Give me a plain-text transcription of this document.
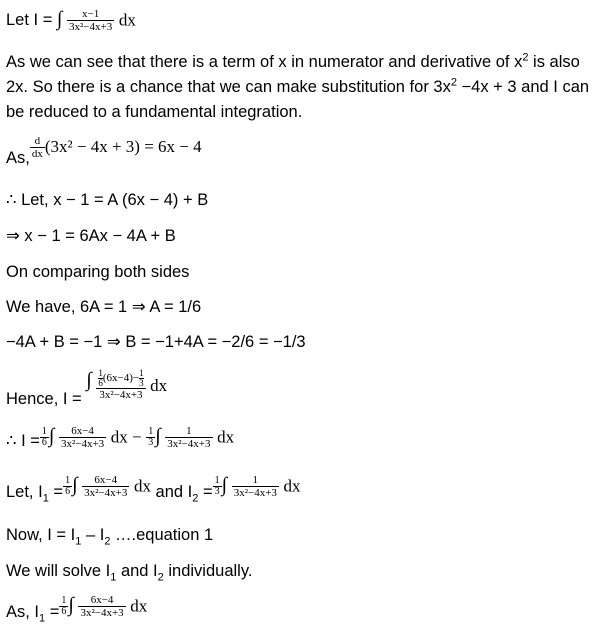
Let I = ∫ $\frac{x-1}{\text{3x²−4x+3}}$ dx
As we can see that there is a term of x in numerator and derivative of $x^2$ is also 2x. So there is a chance that we can make substitution for $3x^2 -4x + 3$ and I can be reduced to a fundamental integration.
As, $\frac{d}{dx} (3x^2 - 4x + 3) = 6x - 4$
∴ Let, x − 1 = A (6x − 4) + B
⇒ x − 1 = 6Ax − 4A + B
On comparing both sides
We have, 6A = 1 ⇒ A = 1/6
−4A + B = −1 ⇒ B = −1+4A = −2/6 = −1/3
Hence, I = ∫ $\frac{\frac{1}{6} (6x-4)- \frac{1}{3}}{\text{3x²−4x+3}}$ dx
∴ $I = \frac{1}{6}$ ∫ $\frac{6x-4}{\text{3x²−4x+3}}$ dx − $\frac{1}{3}$ ∫ $\frac{1}{\text{3x²−4x+3}}$ dx
Let, $I_1 = \frac{1}{6}$ ∫ $\frac{6x-4}{\text{3x²−4x+3}}$ dx and $I_2 = \frac{1}{3}$ ∫ $\frac{1}{\text{3x²−4x+3}}$ dx
Now, $I = I_1 - I_2$ ….equation 1
We will solve $I_1$ and $I_2$ individually.
As, $I_1 = \frac{1}{6}$ ∫ $\frac{6x-4}{\text{3x²−4x+3}}$ dx
